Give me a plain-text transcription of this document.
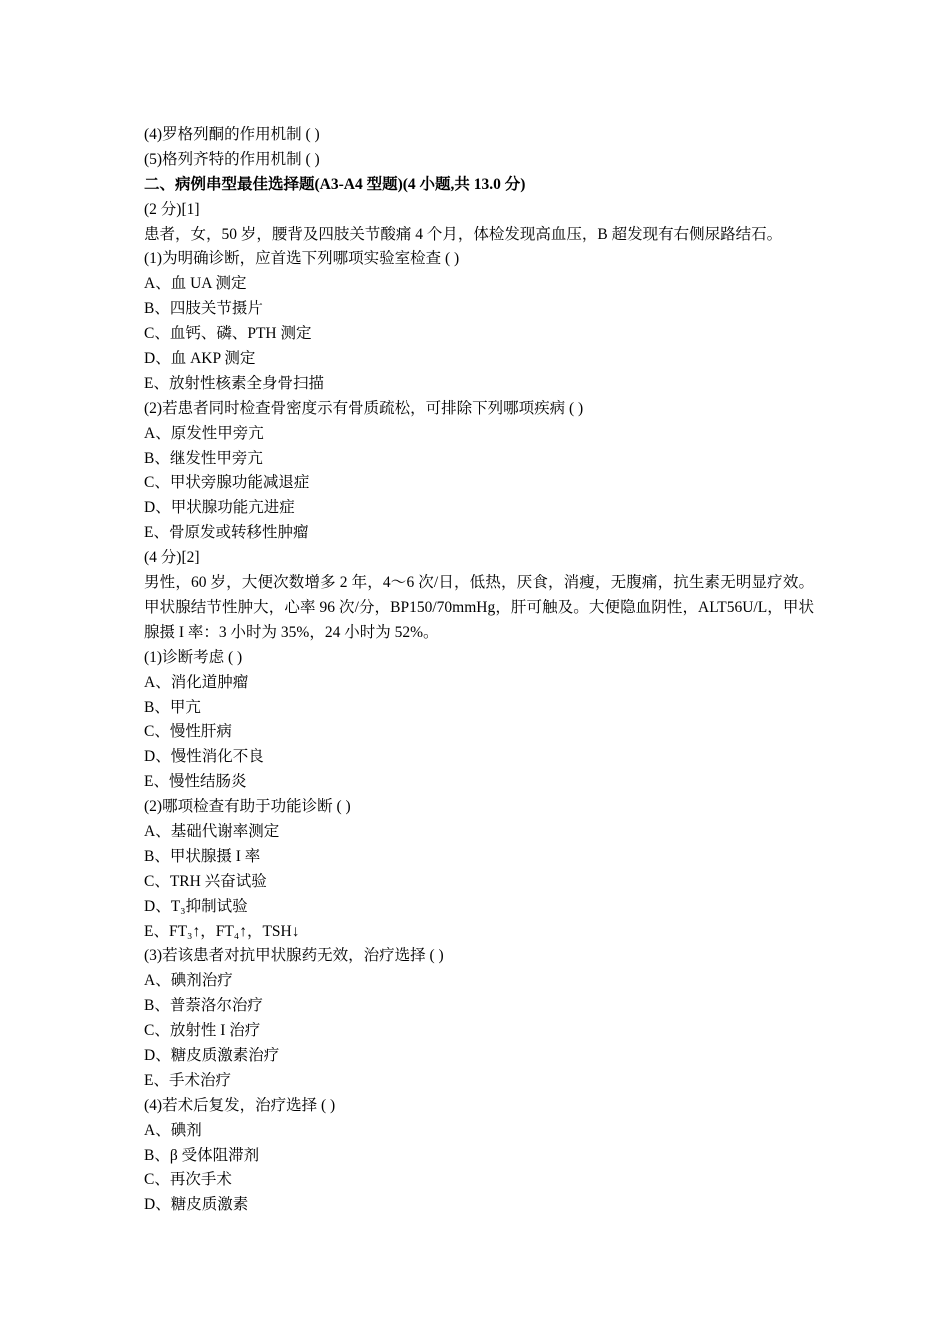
(4)罗格列酮的作用机制 ( )
(5)格列齐特的作用机制 ( )
二、病例串型最佳选择题(A3-A4 型题)(4 小题,共 13.0 分)
(2 分)[1]
患者，女，50 岁，腰背及四肢关节酸痛 4 个月，体检发现高血压，B 超发现有右侧尿路结石。
(1)为明确诊断，应首选下列哪项实验室检查 ( )
A、血 UA 测定
B、四肢关节摄片
C、血钙、磷、PTH 测定
D、血 AKP 测定
E、放射性核素全身骨扫描
(2)若患者同时检查骨密度示有骨质疏松，可排除下列哪项疾病 ( )
A、原发性甲旁亢
B、继发性甲旁亢
C、甲状旁腺功能减退症
D、甲状腺功能亢进症
E、骨原发或转移性肿瘤
(4 分)[2]
男性，60 岁，大便次数增多 2 年，4～6 次/日，低热，厌食，消瘦，无腹痛，抗生素无明显疗效。甲状腺结节性肿大，心率 96 次/分，BP150/70mmHg，肝可触及。大便隐血阴性，ALT56U/L，甲状腺摄 I 率：3 小时为 35%，24 小时为 52%。
(1)诊断考虑 ( )
A、消化道肿瘤
B、甲亢
C、慢性肝病
D、慢性消化不良
E、慢性结肠炎
(2)哪项检查有助于功能诊断 ( )
A、基础代谢率测定
B、甲状腺摄 I 率
C、TRH 兴奋试验
D、T₃抑制试验
E、FT₃↑，FT₄↑，TSH↓
(3)若该患者对抗甲状腺药无效，治疗选择 ( )
A、碘剂治疗
B、普萘洛尔治疗
C、放射性 I 治疗
D、糖皮质激素治疗
E、手术治疗
(4)若术后复发，治疗选择 ( )
A、碘剂
B、β 受体阻滞剂
C、再次手术
D、糖皮质激素
